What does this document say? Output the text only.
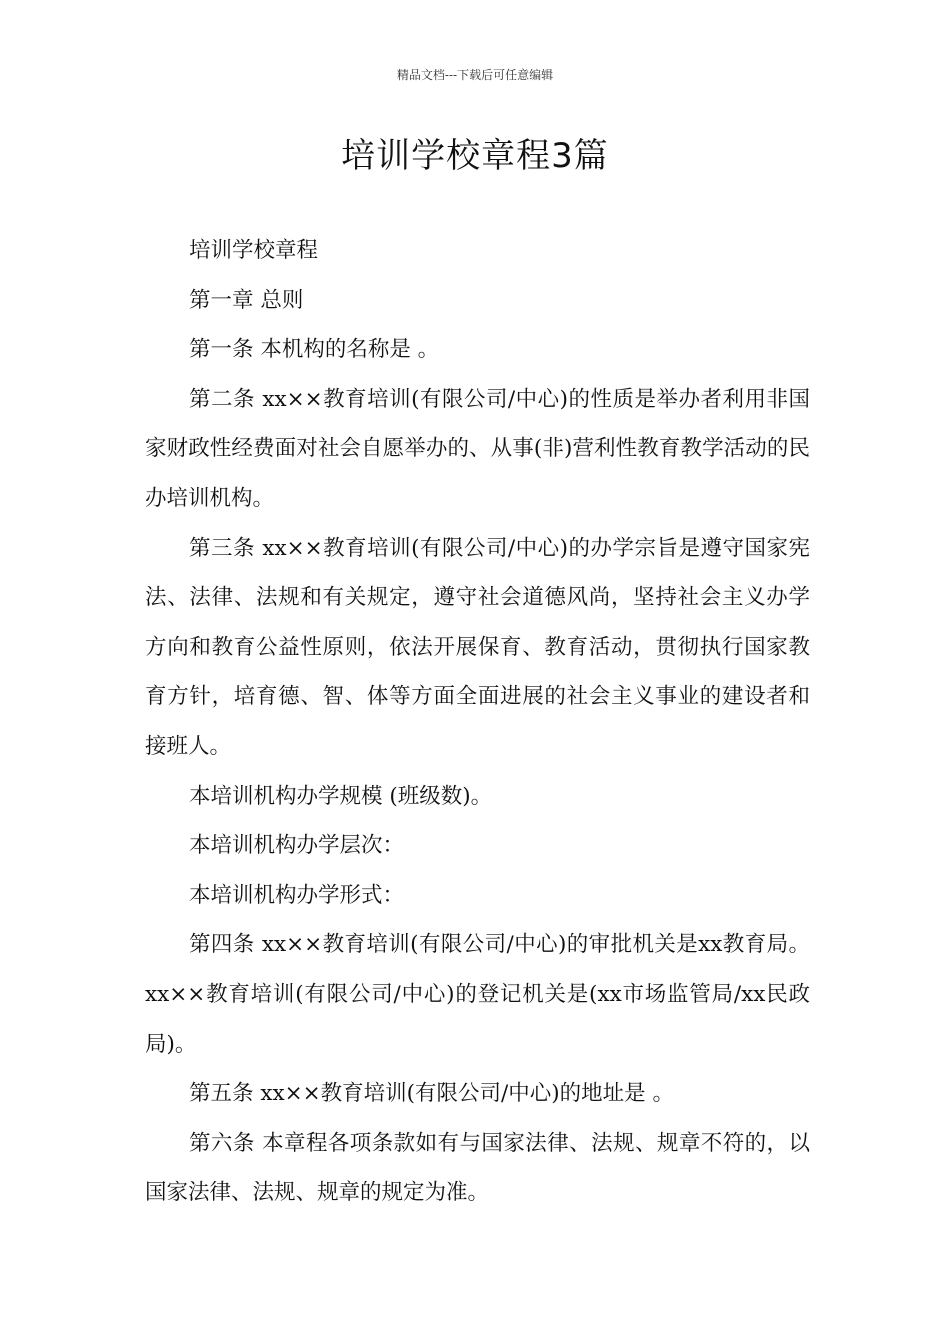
精品文档---下载后可任意编辑
培训学校章程3篇

培训学校章程

第一章 总则

第一条 本机构的名称是 。

第二条 xx××教育培训(有限公司/中心)的性质是举办者利用非国家财政性经费面对社会自愿举办的、从事(非)营利性教育教学活动的民办培训机构。

第三条 xx××教育培训(有限公司/中心)的办学宗旨是遵守国家宪法、法律、法规和有关规定，遵守社会道德风尚，坚持社会主义办学方向和教育公益性原则，依法开展保育、教育活动，贯彻执行国家教育方针，培育德、智、体等方面全面进展的社会主义事业的建设者和接班人。

本培训机构办学规模 (班级数)。

本培训机构办学层次：

本培训机构办学形式：

第四条 xx××教育培训(有限公司/中心)的审批机关是xx教育局。xx××教育培训(有限公司/中心)的登记机关是(xx市场监管局/xx民政局)。

第五条 xx××教育培训(有限公司/中心)的地址是 。

第六条 本章程各项条款如有与国家法律、法规、规章不符的，以国家法律、法规、规章的规定为准。
